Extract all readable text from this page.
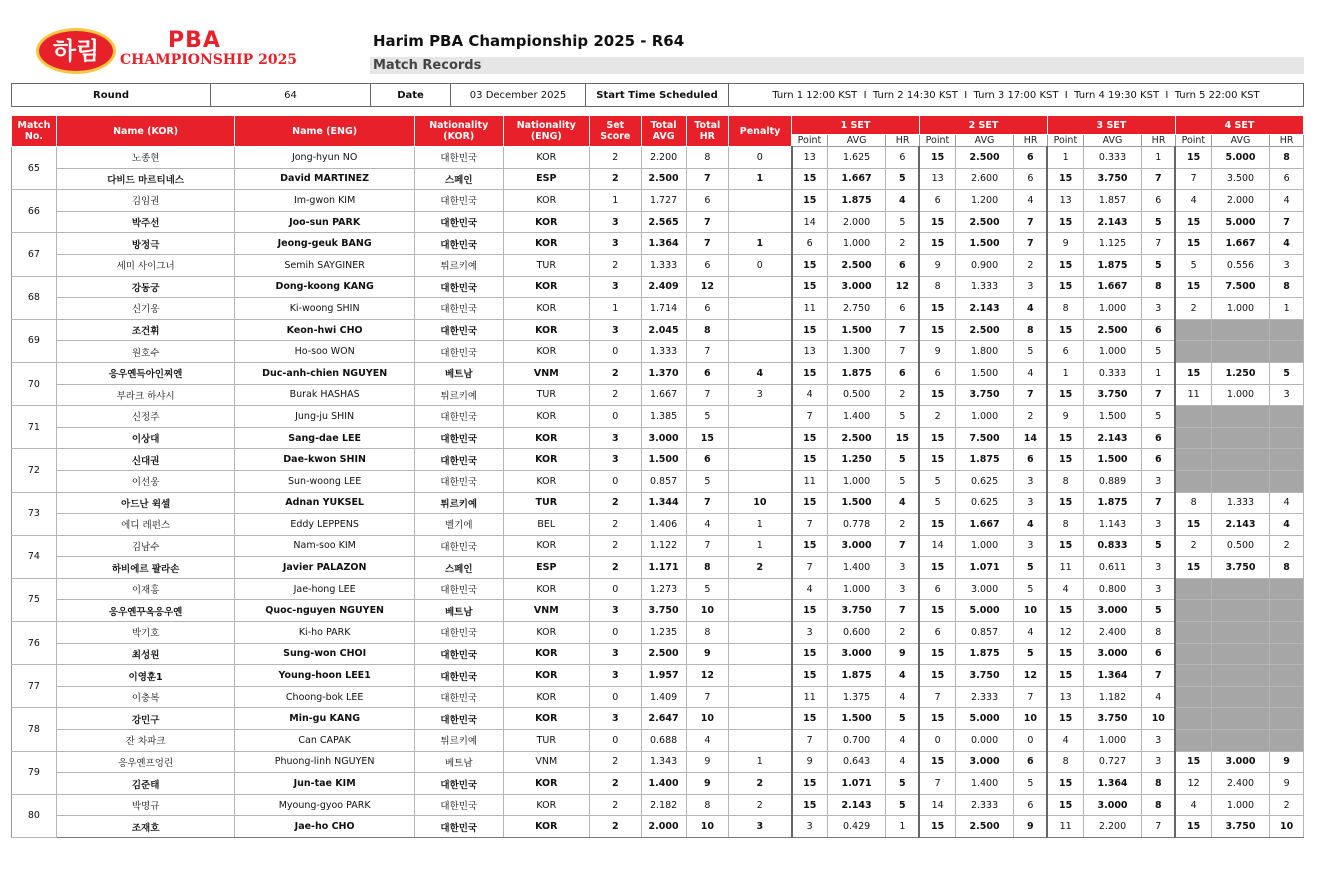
하림	PBA
CHAMPIONSHIP 2025
Harim PBA Championship 2025 - R64
Match Records
Round	64	Date	03 December 2025	Start Time Scheduled	Turn 1 12:00 KST  I  Turn 2 14:30 KST  I  Turn 3 17:00 KST  I  Turn 4 19:30 KST  I  Turn 5 22:00 KST
Match No.	Name (KOR)	Name (ENG)	Nationality (KOR)	Nationality (ENG)	Set Score	Total AVG	Total HR	Penalty	1 SET			2 SET			3 SET			4 SET		
									Point	AVG	HR	Point	AVG	HR	Point	AVG	HR	Point	AVG	HR
65	노종현	Jong-hyun NO	대한민국	KOR	2	2.200	8	0	13	1.625	6	15	2.500	6	1	0.333	1	15	5.000	8
	다비드 마르티네스	David MARTINEZ	스페인	ESP	2	2.500	7	1	15	1.667	5	13	2.600	6	15	3.750	7	7	3.500	6
66	김임권	Im-gwon KIM	대한민국	KOR	1	1.727	6		15	1.875	4	6	1.200	4	13	1.857	6	4	2.000	4
	박주선	Joo-sun PARK	대한민국	KOR	3	2.565	7		14	2.000	5	15	2.500	7	15	2.143	5	15	5.000	7
67	방정극	Jeong-geuk BANG	대한민국	KOR	3	1.364	7	1	6	1.000	2	15	1.500	7	9	1.125	7	15	1.667	4
	세미 사이그너	Semih SAYGINER	튀르키예	TUR	2	1.333	6	0	15	2.500	6	9	0.900	2	15	1.875	5	5	0.556	3
68	강동궁	Dong-koong KANG	대한민국	KOR	3	2.409	12		15	3.000	12	8	1.333	3	15	1.667	8	15	7.500	8
	신기웅	Ki-woong SHIN	대한민국	KOR	1	1.714	6		11	2.750	6	15	2.143	4	8	1.000	3	2	1.000	1
69	조건휘	Keon-hwi CHO	대한민국	KOR	3	2.045	8		15	1.500	7	15	2.500	8	15	2.500	6			
	원호수	Ho-soo WON	대한민국	KOR	0	1.333	7		13	1.300	7	9	1.800	5	6	1.000	5			
70	응우옌득아인찌엔	Duc-anh-chien NGUYEN	베트남	VNM	2	1.370	6	4	15	1.875	6	6	1.500	4	1	0.333	1	15	1.250	5
	부라크 하샤시	Burak HASHAS	튀르키예	TUR	2	1.667	7	3	4	0.500	2	15	3.750	7	15	3.750	7	11	1.000	3
71	신정주	Jung-ju SHIN	대한민국	KOR	0	1.385	5		7	1.400	5	2	1.000	2	9	1.500	5			
	이상대	Sang-dae LEE	대한민국	KOR	3	3.000	15		15	2.500	15	15	7.500	14	15	2.143	6			
72	신대권	Dae-kwon SHIN	대한민국	KOR	3	1.500	6		15	1.250	5	15	1.875	6	15	1.500	6			
	이선웅	Sun-woong LEE	대한민국	KOR	0	0.857	5		11	1.000	5	5	0.625	3	8	0.889	3			
73	아드난 윅셀	Adnan YUKSEL	튀르키예	TUR	2	1.344	7	10	15	1.500	4	5	0.625	3	15	1.875	7	8	1.333	4
	에디 레펀스	Eddy LEPPENS	벨기에	BEL	2	1.406	4	1	7	0.778	2	15	1.667	4	8	1.143	3	15	2.143	4
74	김남수	Nam-soo KIM	대한민국	KOR	2	1.122	7	1	15	3.000	7	14	1.000	3	15	0.833	5	2	0.500	2
	하비에르 팔라손	Javier PALAZON	스페인	ESP	2	1.171	8	2	7	1.400	3	15	1.071	5	11	0.611	3	15	3.750	8
75	이재홍	Jae-hong LEE	대한민국	KOR	0	1.273	5		4	1.000	3	6	3.000	5	4	0.800	3			
	응우옌꾸옥응우옌	Quoc-nguyen NGUYEN	베트남	VNM	3	3.750	10		15	3.750	7	15	5.000	10	15	3.000	5			
76	박기호	Ki-ho PARK	대한민국	KOR	0	1.235	8		3	0.600	2	6	0.857	4	12	2.400	8			
	최성원	Sung-won CHOI	대한민국	KOR	3	2.500	9		15	3.000	9	15	1.875	5	15	3.000	6			
77	이영훈1	Young-hoon LEE1	대한민국	KOR	3	1.957	12		15	1.875	4	15	3.750	12	15	1.364	7			
	이충복	Choong-bok LEE	대한민국	KOR	0	1.409	7		11	1.375	4	7	2.333	7	13	1.182	4			
78	강민구	Min-gu KANG	대한민국	KOR	3	2.647	10		15	1.500	5	15	5.000	10	15	3.750	10			
	잔 차파크	Can CAPAK	튀르키예	TUR	0	0.688	4		7	0.700	4	0	0.000	0	4	1.000	3			
79	응우옌프엉린	Phuong-linh NGUYEN	베트남	VNM	2	1.343	9	1	9	0.643	4	15	3.000	6	8	0.727	3	15	3.000	9
	김준태	Jun-tae KIM	대한민국	KOR	2	1.400	9	2	15	1.071	5	7	1.400	5	15	1.364	8	12	2.400	9
80	박명규	Myoung-gyoo PARK	대한민국	KOR	2	2.182	8	2	15	2.143	5	14	2.333	6	15	3.000	8	4	1.000	2
	조재호	Jae-ho CHO	대한민국	KOR	2	2.000	10	3	3	0.429	1	15	2.500	9	11	2.200	7	15	3.750	10
